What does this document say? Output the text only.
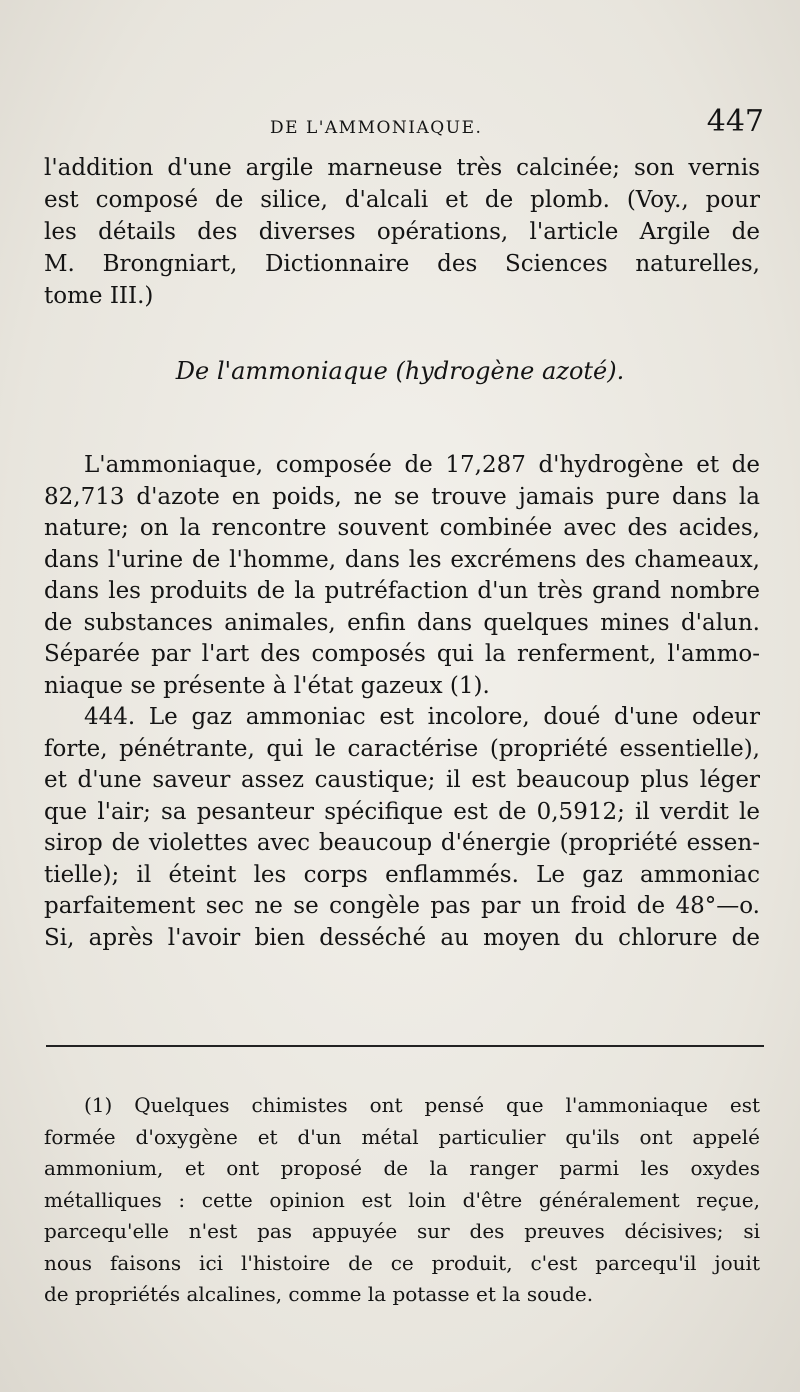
DE L'AMMONIAQUE.	447
l'addition d'une argile marneuse très calcinée; son vernis
est composé de silice, d'alcali et de plomb. (Voy., pour
les détails des diverses opérations, l'article Argile de
M. Brongniart, Dictionnaire des Sciences naturelles,
tome III.)
De l'ammoniaque (hydrogène azoté).
L'ammoniaque, composée de 17,287 d'hydrogène et de
82,713 d'azote en poids, ne se trouve jamais pure dans la
nature; on la rencontre souvent combinée avec des acides,
dans l'urine de l'homme, dans les excrémens des chameaux,
dans les produits de la putréfaction d'un très grand nombre
de substances animales, enfin dans quelques mines d'alun.
Séparée par l'art des composés qui la renferment, l'ammo-
niaque se présente à l'état gazeux (1).
444. Le gaz ammoniac est incolore, doué d'une odeur
forte, pénétrante, qui le caractérise (propriété essentielle),
et d'une saveur assez caustique; il est beaucoup plus léger
que l'air; sa pesanteur spécifique est de 0,5912; il verdit le
sirop de violettes avec beaucoup d'énergie (propriété essen-
tielle); il éteint les corps enflammés. Le gaz ammoniac
parfaitement sec ne se congèle pas par un froid de 48°—o.
Si, après l'avoir bien desséché au moyen du chlorure de
(1) Quelques chimistes ont pensé que l'ammoniaque est
formée d'oxygène et d'un métal particulier qu'ils ont appelé
ammonium, et ont proposé de la ranger parmi les oxydes
métalliques : cette opinion est loin d'être généralement reçue,
parcequ'elle n'est pas appuyée sur des preuves décisives; si
nous faisons ici l'histoire de ce produit, c'est parcequ'il jouit
de propriétés alcalines, comme la potasse et la soude.
